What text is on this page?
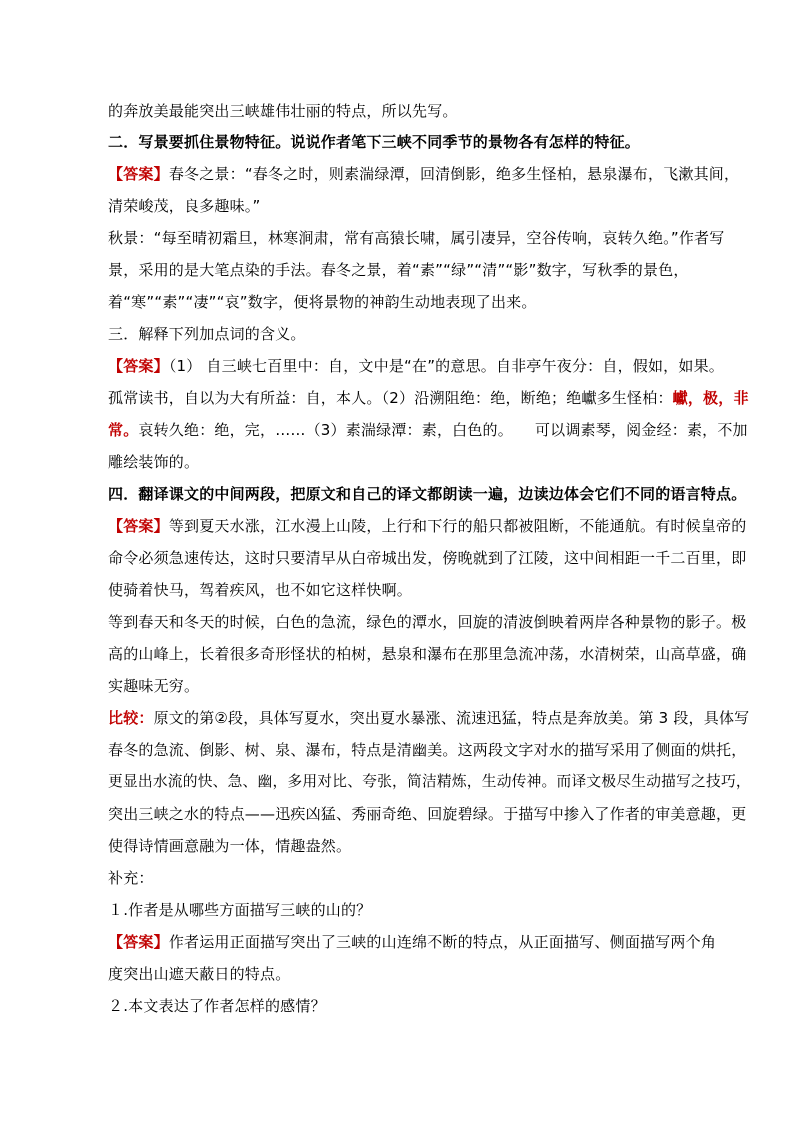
的奔放美最能突出三峡雄伟壮丽的特点，所以先写。

二．写景要抓住景物特征。说说作者笔下三峡不同季节的景物各有怎样的特征。

【答案】春冬之景：“春冬之时，则素湍绿潭，回清倒影，绝多生怪柏，悬泉瀑布，飞漱其间，

清荣峻茂，良多趣味。”

秋景：“每至晴初霜旦，林寒涧肃，常有高猿长啸，属引凄异，空谷传响，哀转久绝。”作者写

景，采用的是大笔点染的手法。春冬之景，着“素”“绿”“清”“影”数字，写秋季的景色，

着“寒”“素”“凄”“哀”数字，便将景物的神韵生动地表现了出来。

三．解释下列加点词的含义。

【答案】（1） 自三峡七百里中：自，文中是“在”的意思。自非亭午夜分：自，假如，如果。

孤常读书，自以为大有所益：自，本人。（2）沿溯阻绝：绝，断绝；绝巘多生怪柏：巘，极，非

常。哀转久绝：绝，完，……（3）素湍绿潭：素，白色的。 可以调素琴，阅金经：素，不加

雕绘装饰的。

四．翻译课文的中间两段，把原文和自己的译文都朗读一遍，边读边体会它们不同的语言特点。

【答案】等到夏天水涨，江水漫上山陵，上行和下行的船只都被阻断，不能通航。有时候皇帝的

命令必须急速传达，这时只要清早从白帝城出发，傍晚就到了江陵，这中间相距一千二百里，即

使骑着快马，驾着疾风，也不如它这样快啊。

等到春天和冬天的时候，白色的急流，绿色的潭水，回旋的清波倒映着两岸各种景物的影子。极

高的山峰上，长着很多奇形怪状的柏树，悬泉和瀑布在那里急流冲荡，水清树荣，山高草盛，确

实趣味无穷。

比较：原文的第②段，具体写夏水，突出夏水暴涨、流速迅猛，特点是奔放美。第 3 段，具体写

春冬的急流、倒影、树、泉、瀑布，特点是清幽美。这两段文字对水的描写采用了侧面的烘托，

更显出水流的快、急、幽，多用对比、夸张，简洁精炼，生动传神。而译文极尽生动描写之技巧，

突出三峡之水的特点——迅疾凶猛、秀丽奇绝、回旋碧绿。于描写中掺入了作者的审美意趣，更

使得诗情画意融为一体，情趣盎然。

补充：

１.作者是从哪些方面描写三峡的山的？

【答案】作者运用正面描写突出了三峡的山连绵不断的特点，从正面描写、侧面描写两个角

度突出山遮天蔽日的特点。

２.本文表达了作者怎样的感情？
